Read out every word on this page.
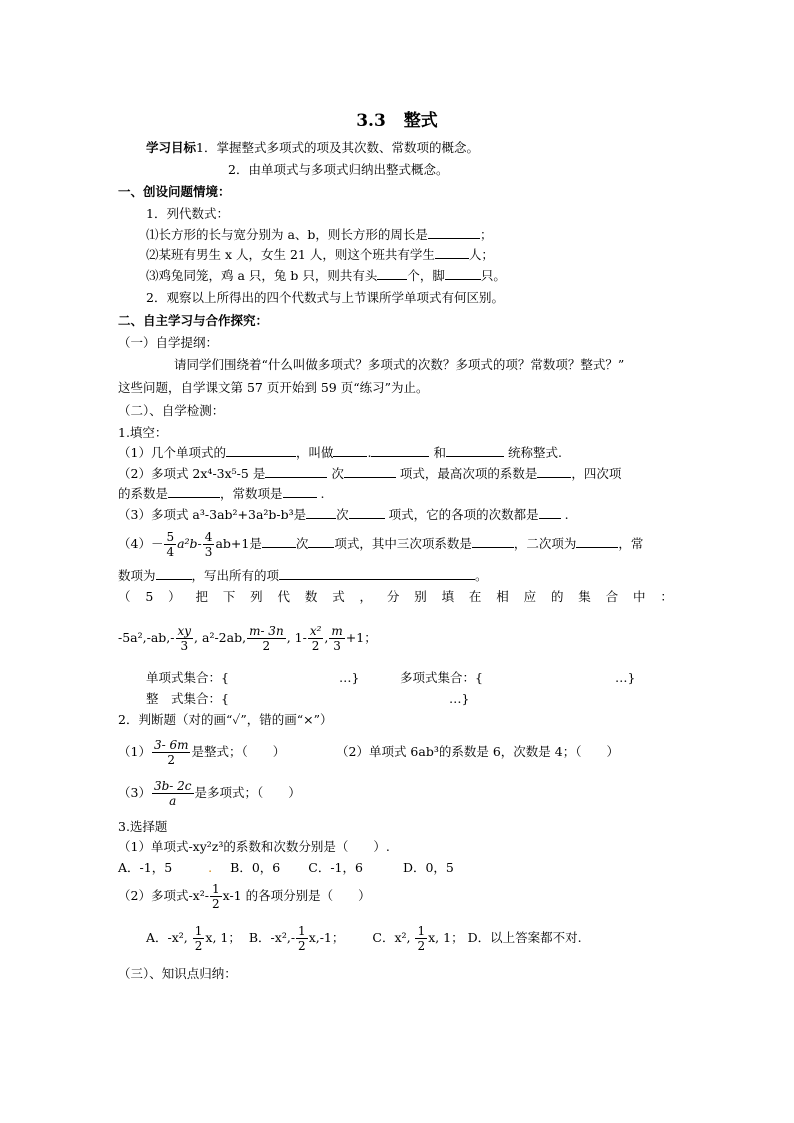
3.3 整式
学习目标1．掌握整式多项式的项及其次数、常数项的概念。
2．由单项式与多项式归纳出整式概念。
一、创设问题情境：
1．列代数式：
⑴长方形的长与宽分别为 a、b，则长方形的周长是	；
⑵某班有男生 x 人，女生 21 人，则这个班共有学生	人；
⑶鸡兔同笼，鸡 a 只，兔 b 只，则共有头 个，脚	只。
2．观察以上所得出的四个代数式与上节课所学单项式有何区别。
二、自主学习与合作探究：
（一）自学提纲：
请同学们围绕着“什么叫做多项式？多项式的次数？多项式的项？常数项？整式？”
这些问题，自学课文第 57 页开始到 59 页“练习”为止。
（二）、自学检测：
1.填空：
（1）几个单项式的	，叫做	.	和	统称整式.
（2）多项式 2x⁴-3x⁵-5 是	次	项式，最高次项的系数是	，四次项
的系数是	，常数项是	.
（3）多项式 a³-3ab²+3a²b-b³是 次	项式，它的各项的次数都是 .
$(4)- \frac{5}{4} a^2b- \frac{4}{3} ab+1$是	次 项式，其中三次项系数是	，二次项为	，常
数项为	，写出所有的项	。
（ 5 ） 把 下 列 代 数 式 ， 分 别 填 在 相 应 的 集 合 中 ：
$-5a^2,-ab,- \frac{xy}{3}$ , a²-2ab, $\frac{m- 3n}{2}$ , $1- \frac{\text{x²}}{2}$ , $\frac{m}{3} +1$；
单项式集合：{	…}	多项式集合：{	…}
整　式集合：{	…}
2．判断题（对的画“✓”，错的画“×”）
$(1) \frac{3- 6m}{2}$ 是整式；（　　）	（2）单项式 6ab³的系数是 6，次数是 4；（　　）
$(3) \frac{3b- 2c}{a}$ 是多项式；（　　）
3.选择题
（1）单项式-xy²z³的系数和次数分别是（　　）.
A．-1，5	. B．0，6 C．-1，6	D．0，5
（2）多项式$-x^2- \frac{1}{2} x-1$ 的各项分别是（　　）
A．-x², $\frac{1}{2} x$, 1； B．$-x^2,- \frac{1}{2} x,-1$； C．x², $\frac{1}{2} x$, 1； D．以上答案都不对.
（三）、知识点归纳：
